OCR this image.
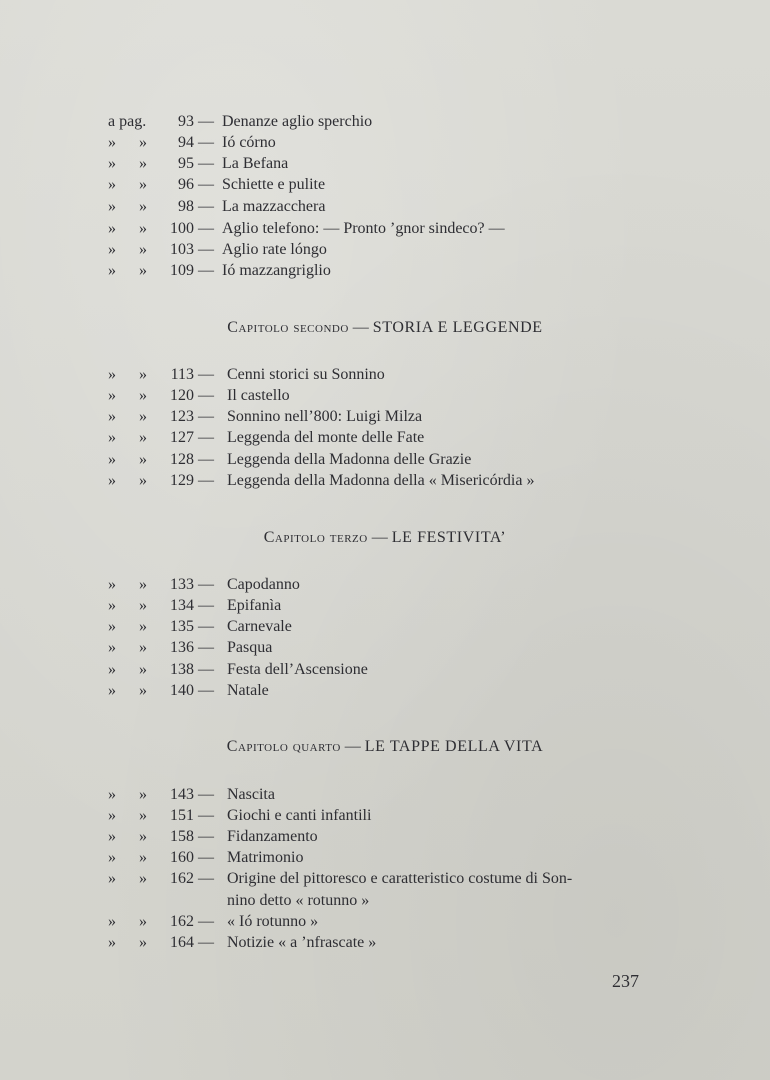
a pag.	93 — Denanze aglio sperchio
» »	94 — Ió córno
» »	95 — La Befana
» »	96 — Schiette e pulite
» »	98 — La mazzacchera
» »	100 — Aglio telefono: — Pronto ’gnor sindeco? —
» »	103 — Aglio rate lóngo
» »	109 — Ió mazzangriglio
Capitolo secondo — STORIA E LEGGENDE
» »	113 — Cenni storici su Sonnino
» »	120 — Il castello
» »	123 — Sonnino nell’800: Luigi Milza
» »	127 — Leggenda del monte delle Fate
» »	128 — Leggenda della Madonna delle Grazie
» »	129 — Leggenda della Madonna della « Misericórdia »
Capitolo terzo — LE FESTIVITA’
» »	133 — Capodanno
» »	134 — Epifanìa
» »	135 — Carnevale
» »	136 — Pasqua
» »	138 — Festa dell’Ascensione
» »	140 — Natale
Capitolo quarto — LE TAPPE DELLA VITA
» »	143 — Nascita
» »	151 — Giochi e canti infantili
» »	158 — Fidanzamento
» »	160 — Matrimonio
» »	162 — Origine del pittoresco e caratteristico costume di Son-
nino detto « rotunno »
» »	162 — « Ió rotunno »
» »	164 — Notizie « a ’nfrascate »
237
